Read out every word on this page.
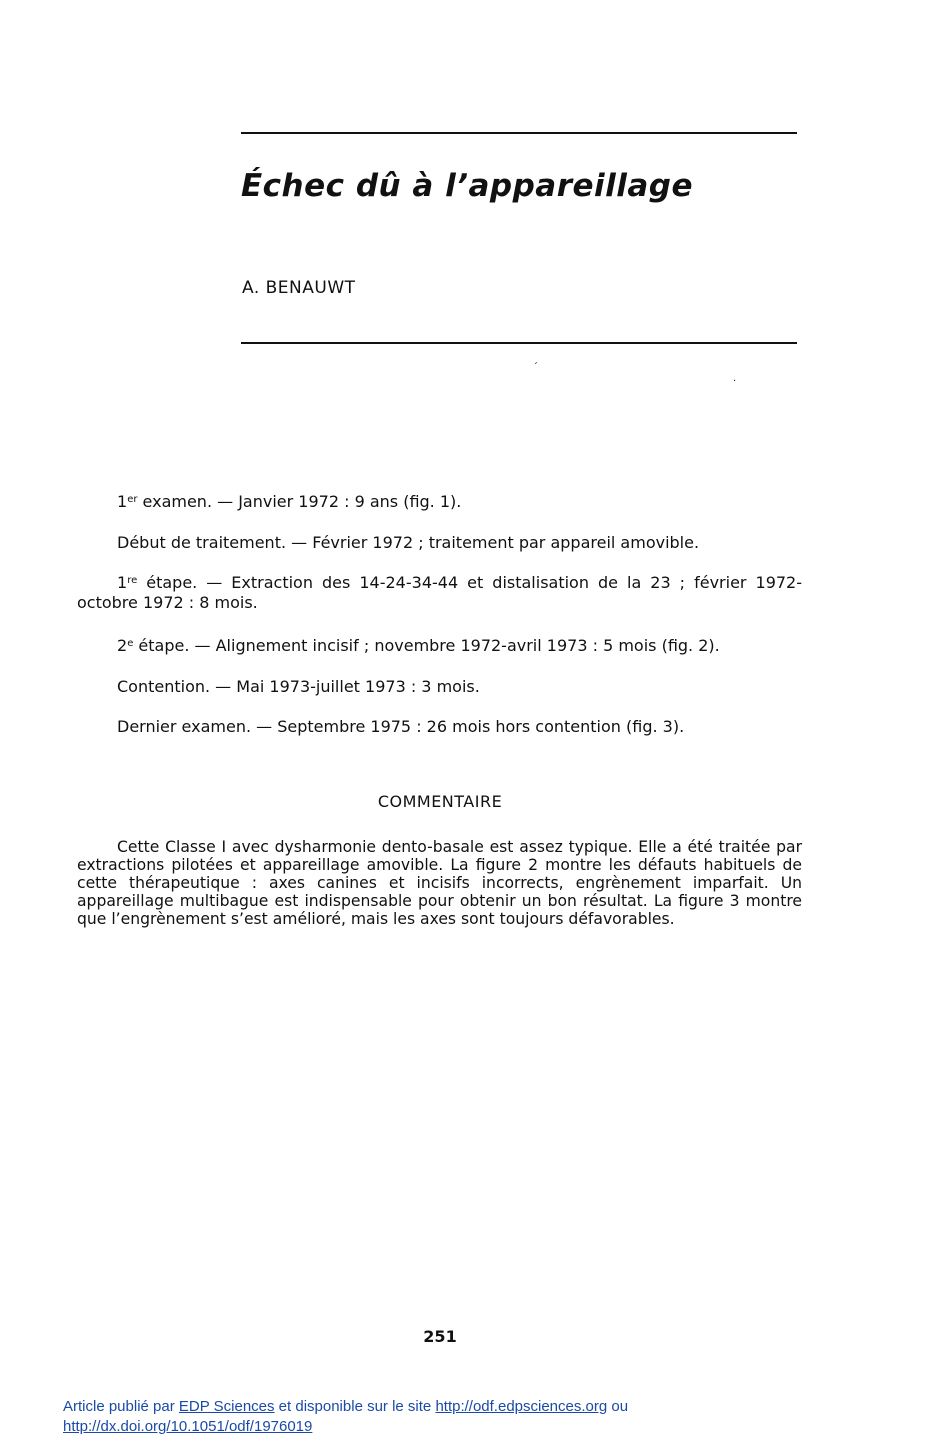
Échec dû à l’appareillage
A. BENAUWT
´
·

1er examen. — Janvier 1972 : 9 ans (fig. 1).

Début de traitement. — Février 1972 ; traitement par appareil amovible.

1re étape. — Extraction des 14-24-34-44 et distalisation de la 23 ; février 1972-octobre 1972 : 8 mois.

2e étape. — Alignement incisif ; novembre 1972-avril 1973 : 5 mois (fig. 2).

Contention. — Mai 1973-juillet 1973 : 3 mois.

Dernier examen. — Septembre 1975 : 26 mois hors contention (fig. 3).

COMMENTAIRE

Cette Classe I avec dysharmonie dento-basale est assez typique. Elle a été traitée par extractions pilotées et appareillage amovible. La figure 2 montre les défauts habituels de cette thérapeutique : axes canines et incisifs incorrects, engrènement imparfait. Un appareillage multibague est indispensable pour obtenir un bon résultat. La figure 3 montre que l’engrènement s’est amélioré, mais les axes sont toujours défavorables.

251
Article publié par EDP Sciences et disponible sur le site http://odf.edpsciences.org ou
http://dx.doi.org/10.1051/odf/1976019
